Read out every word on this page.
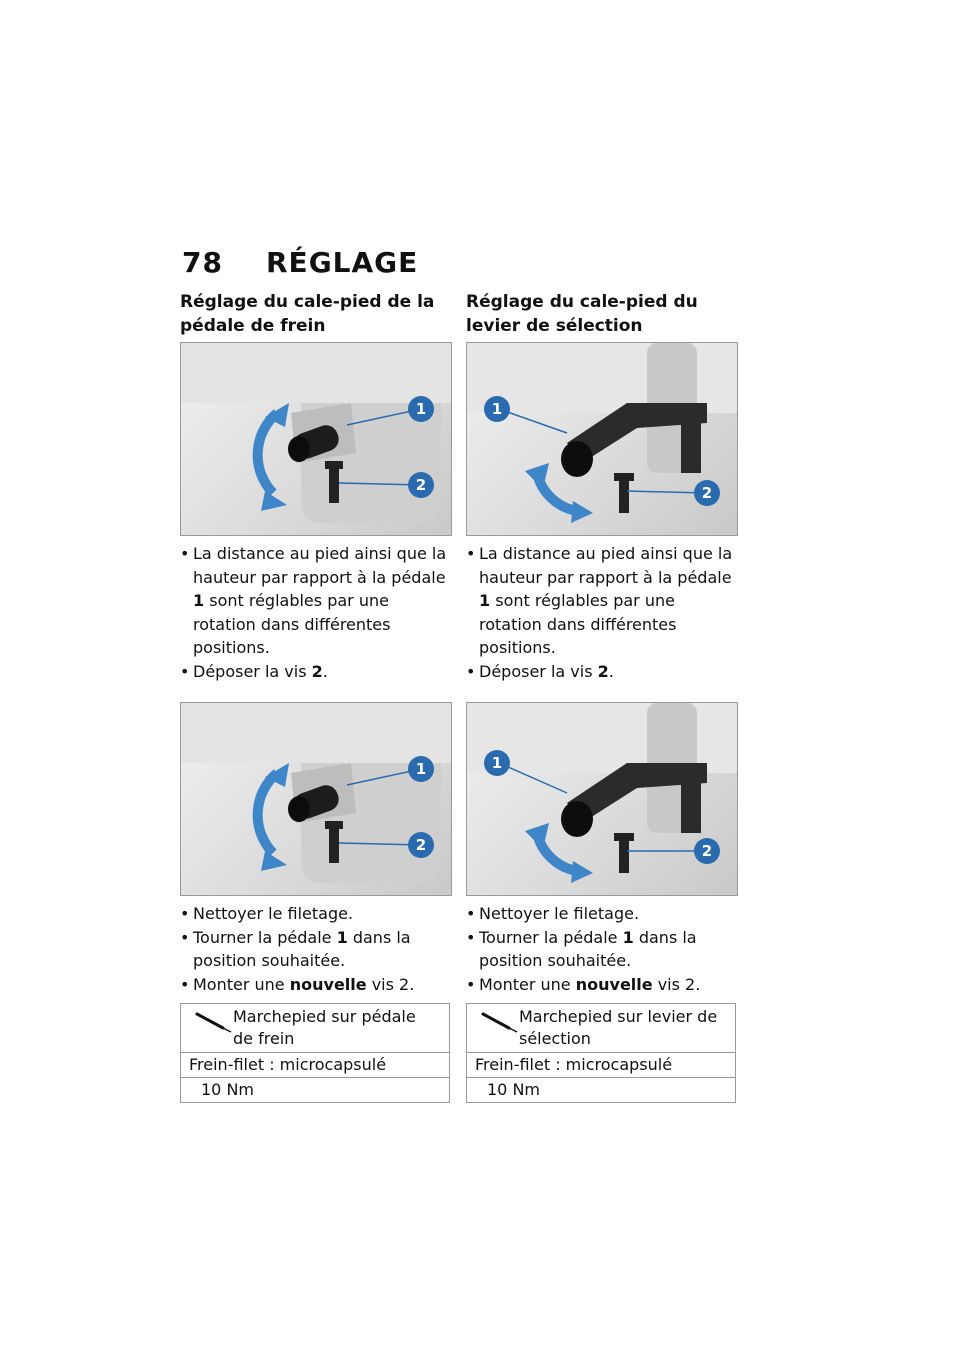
78 RÉGLAGE
Réglage du cale-pied de la pédale de frein
1
2
• La distance au pied ainsi que la hauteur par rapport à la pédale 1 sont réglables par une rotation dans différentes positions.
• Déposer la vis 2.
1
2
• Nettoyer le filetage.
• Tourner la pédale 1 dans la position souhaitée.
• Monter une nouvelle vis 2.
Marchepied sur pédale de frein
Frein-filet : microcapsulé
10 Nm
Réglage du cale-pied du levier de sélection
1
2
• La distance au pied ainsi que la hauteur par rapport à la pédale 1 sont réglables par une rotation dans différentes positions.
• Déposer la vis 2.
1
2
• Nettoyer le filetage.
• Tourner la pédale 1 dans la position souhaitée.
• Monter une nouvelle vis 2.
Marchepied sur levier de sélection
Frein-filet : microcapsulé
10 Nm
